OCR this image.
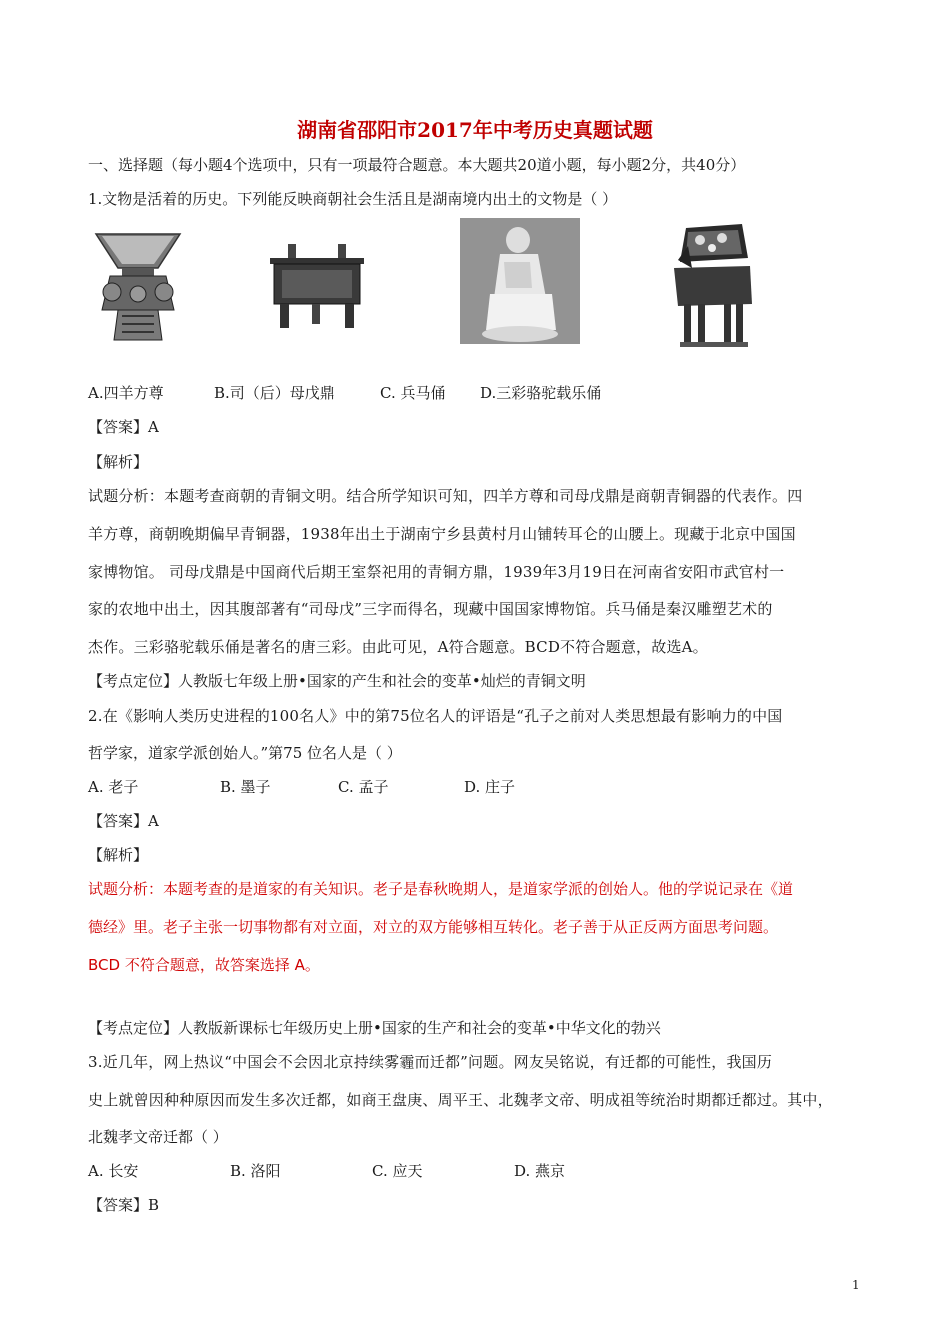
湖南省邵阳市2017年中考历史真题试题
一、选择题（每小题4个选项中，只有一项最符合题意。本大题共20道小题，每小题2分，共40分）
1.文物是活着的历史。下列能反映商朝社会生活且是湖南境内出土的文物是（ ）
A.四羊方尊	B.司（后）母戊鼎	C. 兵马俑 D.三彩骆驼载乐俑
【答案】A
【解析】
试题分析：本题考查商朝的青铜文明。结合所学知识可知，四羊方尊和司母戊鼎是商朝青铜器的代表作。四
羊方尊，商朝晚期偏早青铜器，1938年出土于湖南宁乡县黄村月山铺转耳仑的山腰上。现藏于北京中国国
家博物馆。 司母戊鼎是中国商代后期王室祭祀用的青铜方鼎，1939年3月19日在河南省安阳市武官村一
家的农地中出土，因其腹部著有“司母戊”三字而得名，现藏中国国家博物馆。兵马俑是秦汉雕塑艺术的
杰作。三彩骆驼载乐俑是著名的唐三彩。由此可见，A符合题意。BCD不符合题意，故选A。
【考点定位】人教版七年级上册•国家的产生和社会的变革•灿烂的青铜文明
2.在《影响人类历史进程的100名人》中的第75位名人的评语是“孔子之前对人类思想最有影响力的中国
哲学家，道家学派创始人。”第75 位名人是（ ）
A. 老子	B. 墨子	C. 孟子	D. 庄子
【答案】A
【解析】
试题分析：本题考查的是道家的有关知识。老子是春秋晚期人，是道家学派的创始人。他的学说记录在《道
德经》里。老子主张一切事物都有对立面，对立的双方能够相互转化。老子善于从正反两方面思考问题。
BCD 不符合题意，故答案选择 A。
【考点定位】人教版新课标七年级历史上册•国家的生产和社会的变革•中华文化的勃兴
3.近几年，网上热议“中国会不会因北京持续雾霾而迁都”问题。网友吴铭说，有迁都的可能性，我国历
史上就曾因种种原因而发生多次迁都，如商王盘庚、周平王、北魏孝文帝、明成祖等统治时期都迁都过。其中，
北魏孝文帝迁都（ ）
A. 长安	B. 洛阳	C. 应天	D. 燕京
【答案】B
1
